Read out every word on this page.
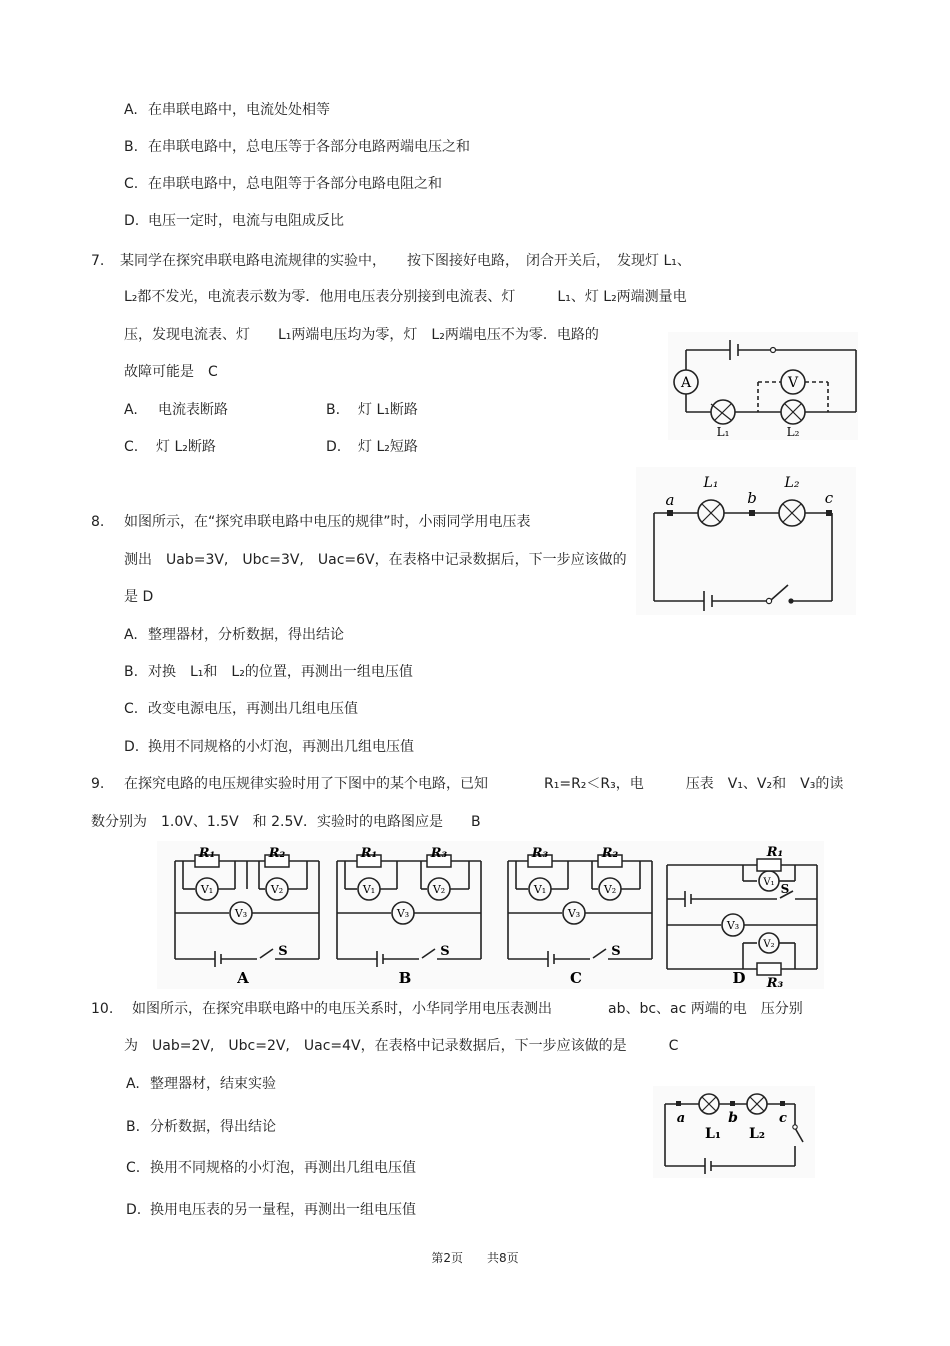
A. 在串联电路中，电流处处相等
B. 在串联电路中，总电压等于各部分电路两端电压之和
C. 在串联电路中，总电阻等于各部分电路电阻之和
D. 电压一定时，电流与电阻成反比
7. 某同学在探究串联电路电流规律的实验中，　　按下图接好电路，　闭合开关后，　发现灯 L₁、
L₂都不发光，电流表示数为零．他用电压表分别接到电流表、灯　　　L₁、灯 L₂两端测量电
压，发现电流表、灯　　L₁两端电压均为零，灯　L₂两端电压不为零．电路的
故障可能是　C
A. 电流表断路	B. 灯 L₁断路
C. 灯 L₂断路	D. 灯 L₂短路
A	V
L₁	L₂
8. 如图所示，在“探究串联电路中电压的规律”时，小雨同学用电压表
测出　Uab=3V,　Ubc=3V,　Uac=6V，在表格中记录数据后，下一步应该做的
是 D
A. 整理器材，分析数据，得出结论
B. 对换　L₁和　L₂的位置，再测出一组电压值
C. 改变电源电压，再测出几组电压值
D. 换用不同规格的小灯泡，再测出几组电压值
a	b	c
L₁	L₂
9. 在探究电路的电压规律实验时用了下图中的某个电路，已知　　　　R₁=R₂＜R₃，电　　　压表　V₁、V₂和　V₃的读
数分别为　1.0V、1.5V　和 2.5V．实验时的电路图应是　　B
R₁	R₂
V₁	V₂
V₃
S
A
R₁	R₃
V₁	V₂
V₃
S
B
R₃	R₂
V₁	V₂
V₃
S
C
R₁
R₃
V₁
V₃
V₂
S
D
10. 如图所示，在探究串联电路中的电压关系时，小华同学用电压表测出　　　　ab、bc、ac 两端的电　压分别
为　Uab=2V,　Ubc=2V,　Uac=4V，在表格中记录数据后，下一步应该做的是　　　C
A. 整理器材，结束实验
B. 分析数据，得出结论
C. 换用不同规格的小灯泡，再测出几组电压值
D. 换用电压表的另一量程，再测出一组电压值
a	b	c
L₁ L₂
第2页　　共8页
